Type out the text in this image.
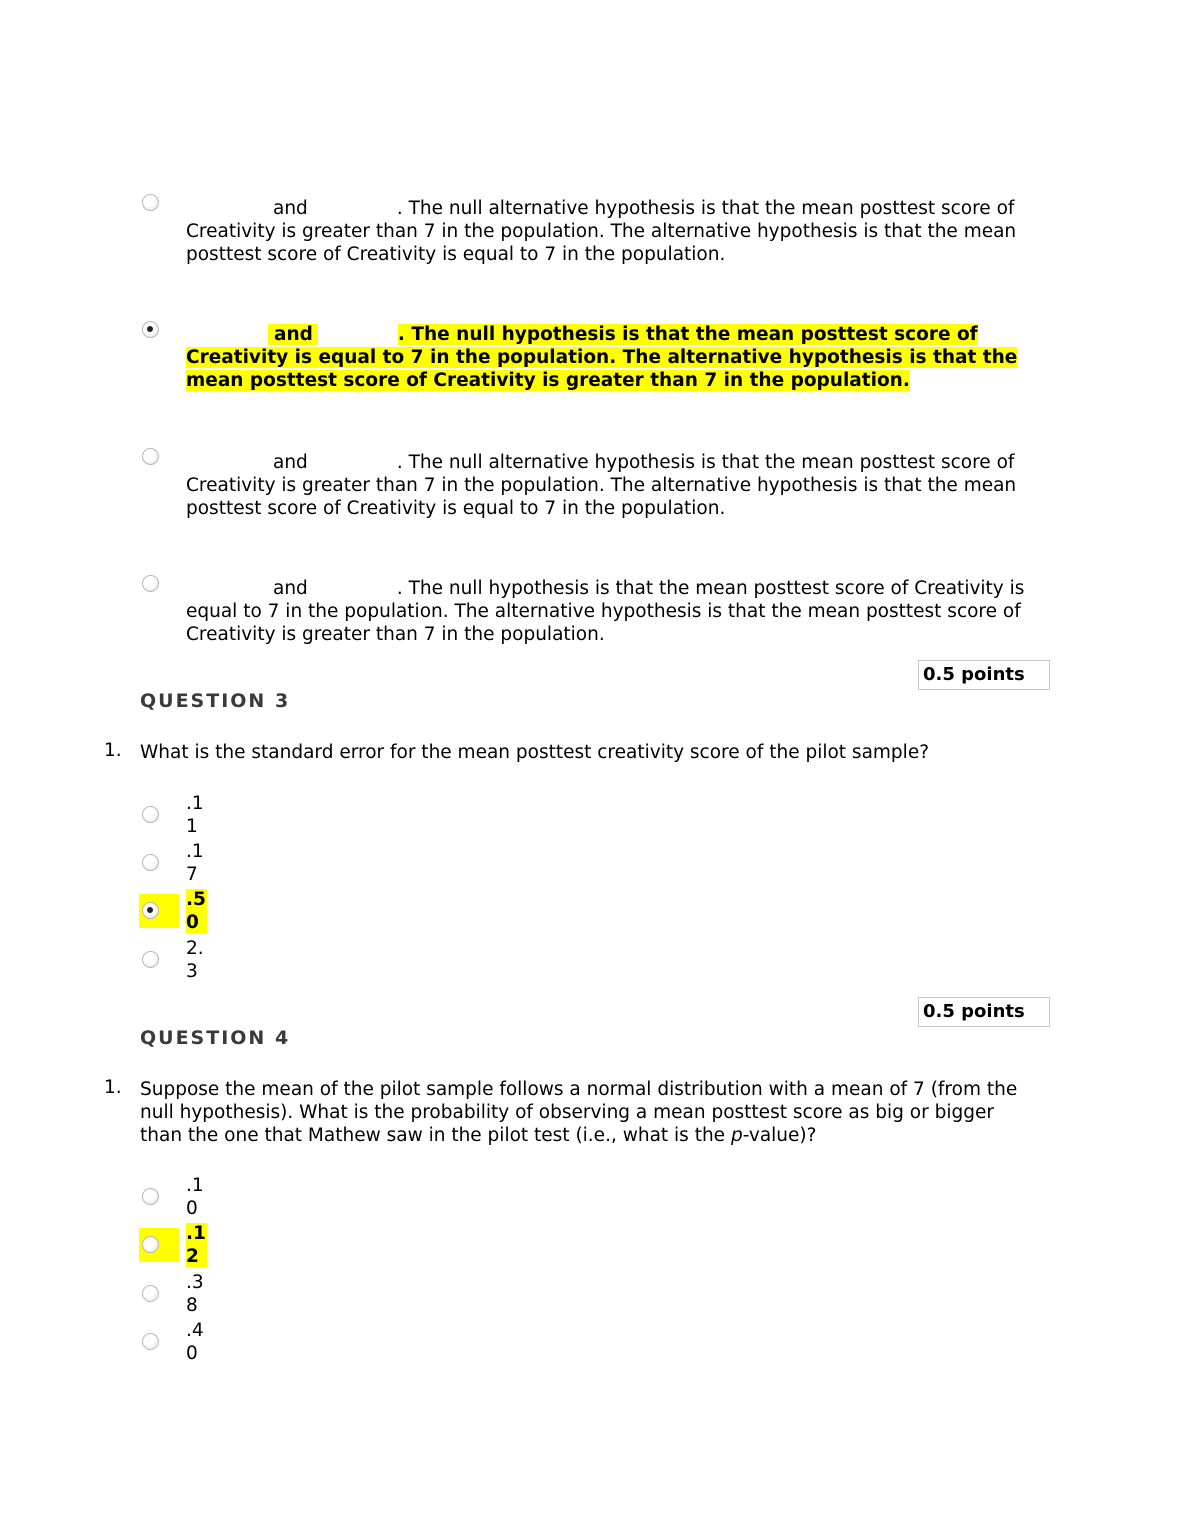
and	. The null alternative hypothesis is that the mean posttest score of Creativity is greater than 7 in the population. The alternative hypothesis is that the mean posttest score of Creativity is equal to 7 in the population.
and	. The null hypothesis is that the mean posttest score of Creativity is equal to 7 in the population. The alternative hypothesis is that the mean posttest score of Creativity is greater than 7 in the population.
and	. The null alternative hypothesis is that the mean posttest score of Creativity is greater than 7 in the population. The alternative hypothesis is that the mean posttest score of Creativity is equal to 7 in the population.
and	. The null hypothesis is that the mean posttest score of Creativity is equal to 7 in the population. The alternative hypothesis is that the mean posttest score of Creativity is greater than 7 in the population.
0.5 points
QUESTION 3
1. What is the standard error for the mean posttest creativity score of the pilot sample?
.11
.17
.50
2.3
0.5 points
QUESTION 4
1. Suppose the mean of the pilot sample follows a normal distribution with a mean of 7 (from the null hypothesis). What is the probability of observing a mean posttest score as big or bigger than the one that Mathew saw in the pilot test (i.e., what is the p-value)?
.10
.12
.38
.40
